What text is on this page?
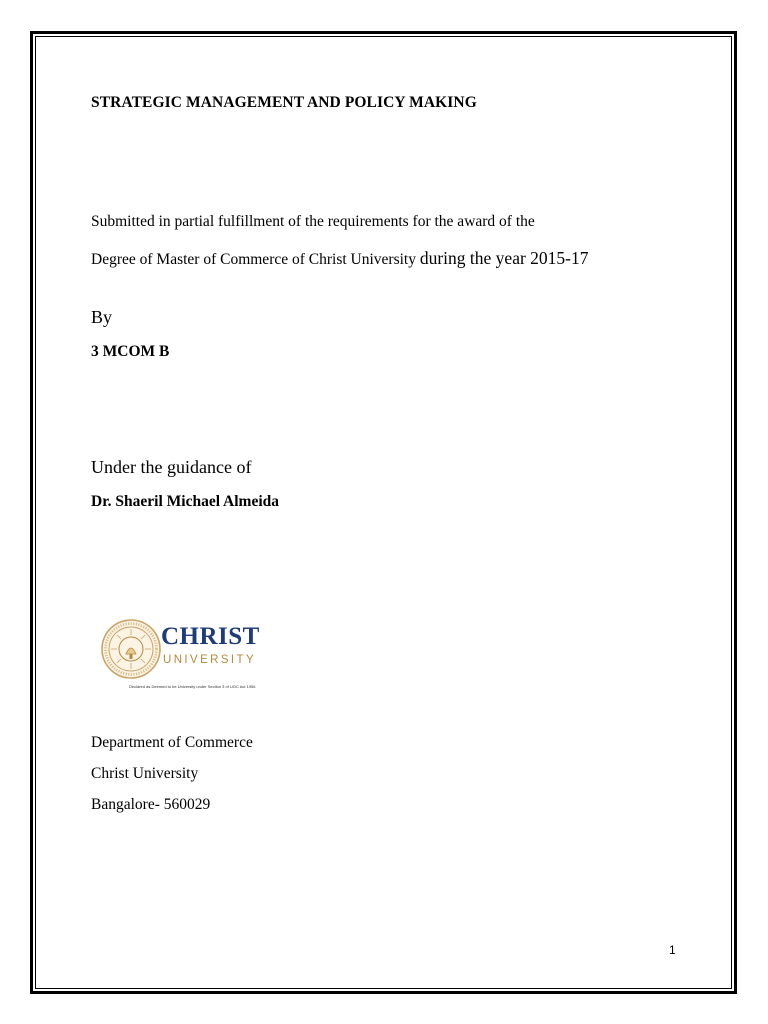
STRATEGIC MANAGEMENT AND POLICY MAKING
Submitted in partial fulfillment of the requirements for the award of the
Degree of Master of Commerce of Christ University during the year 2015-17
By
3 MCOM B
Under the guidance of
Dr. Shaeril Michael Almeida
CHRIST
UNIVERSITY
Declared as Deemed to be University under Section 3 of UGC Act 1956
Department of Commerce
Christ University
Bangalore- 560029
1
